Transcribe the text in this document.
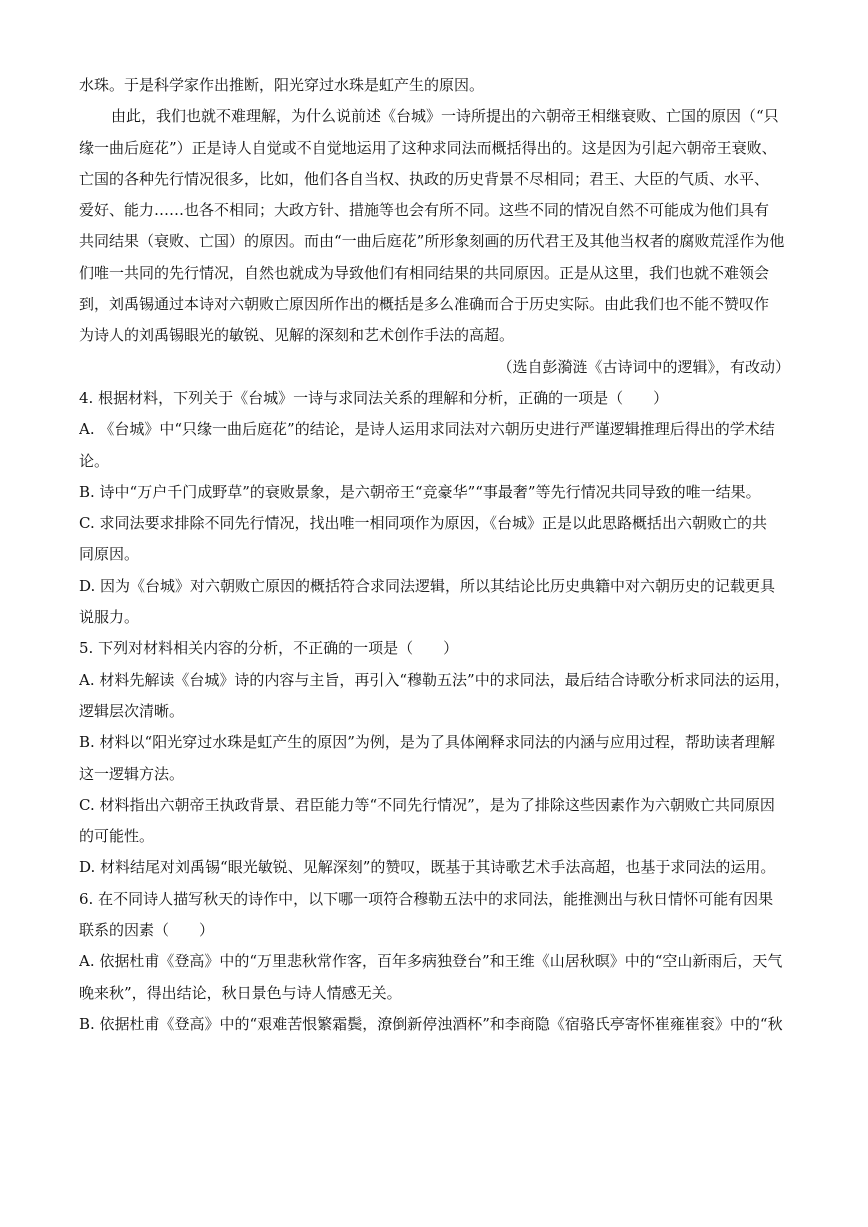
水珠。于是科学家作出推断，阳光穿过水珠是虹产生的原因。
由此，我们也就不难理解，为什么说前述《台城》一诗所提出的六朝帝王相继衰败、亡国的原因（“只
缘一曲后庭花”）正是诗人自觉或不自觉地运用了这种求同法而概括得出的。这是因为引起六朝帝王衰败、
亡国的各种先行情况很多，比如，他们各自当权、执政的历史背景不尽相同；君王、大臣的气质、水平、
爱好、能力……也各不相同；大政方针、措施等也会有所不同。这些不同的情况自然不可能成为他们具有
共同结果（衰败、亡国）的原因。而由“一曲后庭花”所形象刻画的历代君王及其他当权者的腐败荒淫作为他
们唯一共同的先行情况，自然也就成为导致他们有相同结果的共同原因。正是从这里，我们也就不难领会
到，刘禹锡通过本诗对六朝败亡原因所作出的概括是多么准确而合于历史实际。由此我们也不能不赞叹作
为诗人的刘禹锡眼光的敏锐、见解的深刻和艺术创作手法的高超。
（选自彭漪涟《古诗词中的逻辑》，有改动）
4. 根据材料，下列关于《台城》一诗与求同法关系的理解和分析，正确的一项是（　　）
A. 《台城》中“只缘一曲后庭花”的结论，是诗人运用求同法对六朝历史进行严谨逻辑推理后得出的学术结
论。
B. 诗中“万户千门成野草”的衰败景象，是六朝帝王“竞豪华”“事最奢”等先行情况共同导致的唯一结果。
C. 求同法要求排除不同先行情况，找出唯一相同项作为原因，《台城》正是以此思路概括出六朝败亡的共
同原因。
D. 因为《台城》对六朝败亡原因的概括符合求同法逻辑，所以其结论比历史典籍中对六朝历史的记载更具
说服力。
5. 下列对材料相关内容的分析，不正确的一项是（　　）
A. 材料先解读《台城》诗的内容与主旨，再引入“穆勒五法”中的求同法，最后结合诗歌分析求同法的运用，
逻辑层次清晰。
B. 材料以“阳光穿过水珠是虹产生的原因”为例，是为了具体阐释求同法的内涵与应用过程，帮助读者理解
这一逻辑方法。
C. 材料指出六朝帝王执政背景、君臣能力等“不同先行情况”，是为了排除这些因素作为六朝败亡共同原因
的可能性。
D. 材料结尾对刘禹锡“眼光敏锐、见解深刻”的赞叹，既基于其诗歌艺术手法高超，也基于求同法的运用。
6. 在不同诗人描写秋天的诗作中，以下哪一项符合穆勒五法中的求同法，能推测出与秋日情怀可能有因果
联系的因素（　　）
A. 依据杜甫《登高》中的“万里悲秋常作客，百年多病独登台”和王维《山居秋暝》中的“空山新雨后，天气
晚来秋”，得出结论，秋日景色与诗人情感无关。
B. 依据杜甫《登高》中的“艰难苦恨繁霜鬓，潦倒新停浊酒杯”和李商隐《宿骆氏亭寄怀崔雍崔衮》中的“秋
